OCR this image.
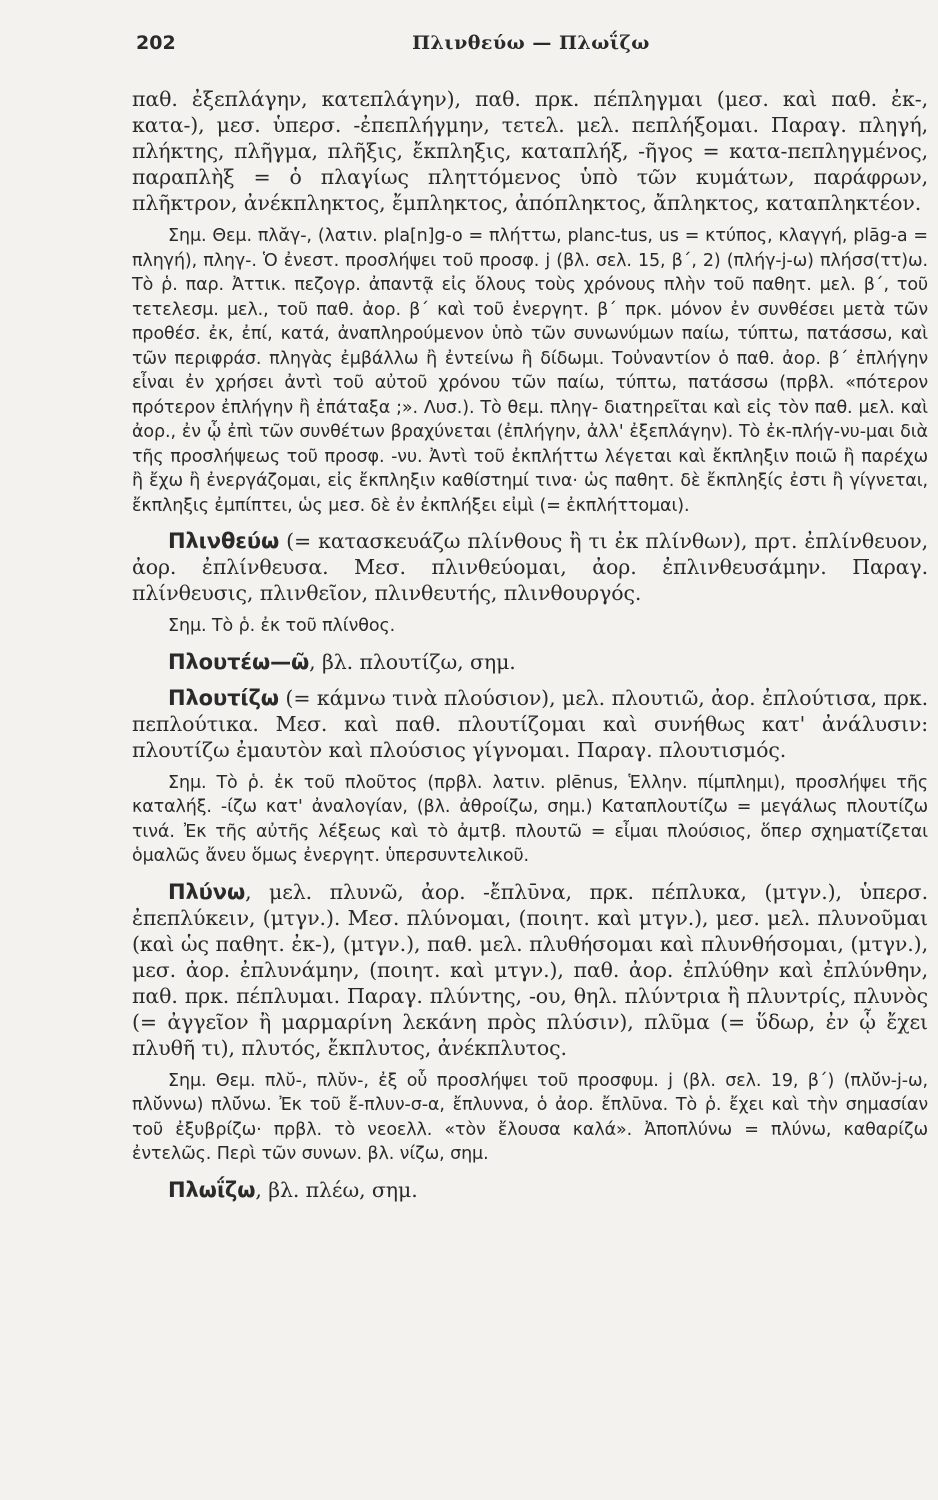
202	Πλινθεύω — Πλωΐζω

παθ. ἐξεπλάγην, κατεπλάγην), παθ. πρκ. πέπληγμαι (μεσ. καὶ παθ. ἐκ-, κατα-), μεσ. ὑπερσ. -ἐπεπλήγμην, τετελ. μελ. πεπλήξομαι. Παραγ. πληγή, πλήκτης, πλῆγμα, πλῆξις, ἔκπληξις, καταπλήξ, -ῆγος = κατα-πεπληγμένος, παραπλὴξ = ὁ πλαγίως πληττόμενος ὑπὸ τῶν κυμάτων, παράφρων, πλῆκτρον, ἀνέκπληκτος, ἔμπληκτος, ἀπόπληκτος, ἄπληκτος, καταπληκτέον.

Σημ. Θεμ. πλᾰγ-, (λατιν. pla[n]g-o = πλήττω, planc-tus, us = κτύπος, κλαγγή, plāg-a = πληγή), πληγ-. Ὁ ἐνεστ. προσλήψει τοῦ προσφ. j (βλ. σελ. 15, β΄, 2) (πλήγ-j-ω) πλήσσ(ττ)ω. Τὸ ῥ. παρ. Ἀττικ. πεζογρ. ἀπαντᾷ εἰς ὅλους τοὺς χρόνους πλὴν τοῦ παθητ. μελ. β΄, τοῦ τετελεσμ. μελ., τοῦ παθ. ἀορ. β΄ καὶ τοῦ ἐνεργητ. β΄ πρκ. μόνον ἐν συνθέσει μετὰ τῶν προθέσ. ἐκ, ἐπί, κατά, ἀναπληρούμενον ὑπὸ τῶν συνωνύμων παίω, τύπτω, πατάσσω, καὶ τῶν περιφράσ. πληγὰς ἐμβάλλω ἢ ἐντείνω ἢ δίδωμι. Τοὐναντίον ὁ παθ. ἀορ. β΄ ἐπλήγην εἶναι ἐν χρήσει ἀντὶ τοῦ αὐτοῦ χρόνου τῶν παίω, τύπτω, πατάσσω (πρβλ. «πότερον πρότερον ἐπλήγην ἢ ἐπάταξα ;». Λυσ.). Τὸ θεμ. πληγ- διατηρεῖται καὶ εἰς τὸν παθ. μελ. καὶ ἀορ., ἐν ᾧ ἐπὶ τῶν συνθέτων βραχύνεται (ἐπλήγην, ἀλλ' ἐξεπλάγην). Τὸ ἐκ-πλήγ-νυ-μαι διὰ τῆς προσλήψεως τοῦ προσφ. -νυ. Ἀντὶ τοῦ ἐκπλήττω λέγεται καὶ ἔκπληξιν ποιῶ ἢ παρέχω ἢ ἔχω ἢ ἐνεργάζομαι, εἰς ἔκπληξιν καθίστημί τινα· ὡς παθητ. δὲ ἔκπληξίς ἐστι ἢ γίγνεται, ἔκπληξις ἐμπίπτει, ὡς μεσ. δὲ ἐν ἐκπλήξει εἰμὶ (= ἐκπλήττομαι).

Πλινθεύω (= κατασκευάζω πλίνθους ἢ τι ἐκ πλίνθων), πρτ. ἐπλίνθευον, ἀορ. ἐπλίνθευσα. Μεσ. πλινθεύομαι, ἀορ. ἐπλινθευσάμην. Παραγ. πλίνθευσις, πλινθεῖον, πλινθευτής, πλινθουργός.

Σημ. Τὸ ῥ. ἐκ τοῦ πλίνθος.

Πλουτέω—ῶ, βλ. πλουτίζω, σημ.

Πλουτίζω (= κάμνω τινὰ πλούσιον), μελ. πλουτιῶ, ἀορ. ἐπλούτισα, πρκ. πεπλούτικα. Μεσ. καὶ παθ. πλουτίζομαι καὶ συνήθως κατ' ἀνάλυσιν: πλουτίζω ἐμαυτὸν καὶ πλούσιος γίγνομαι. Παραγ. πλουτισμός.

Σημ. Τὸ ῥ. ἐκ τοῦ πλοῦτος (πρβλ. λατιν. plēnus, Ἑλλην. πίμπλημι), προσλήψει τῆς καταλήξ. -ίζω κατ' ἀναλογίαν, (βλ. ἀθροίζω, σημ.) Καταπλουτίζω = μεγάλως πλουτίζω τινά. Ἐκ τῆς αὐτῆς λέξεως καὶ τὸ ἀμτβ. πλουτῶ = εἶμαι πλούσιος, ὅπερ σχηματίζεται ὁμαλῶς ἄνευ ὅμως ἐνεργητ. ὑπερσυντελικοῦ.

Πλύνω, μελ. πλυνῶ, ἀορ. -ἔπλῡνα, πρκ. πέπλυκα, (μτγν.), ὑπερσ. ἐπεπλύκειν, (μτγν.). Μεσ. πλύνομαι, (ποιητ. καὶ μτγν.), μεσ. μελ. πλυνοῦμαι (καὶ ὡς παθητ. ἐκ-), (μτγν.), παθ. μελ. πλυθήσομαι καὶ πλυνθήσομαι, (μτγν.), μεσ. ἀορ. ἐπλυνάμην, (ποιητ. καὶ μτγν.), παθ. ἀορ. ἐπλύθην καὶ ἐπλύνθην, παθ. πρκ. πέπλυμαι. Παραγ. πλύντης, -ου, θηλ. πλύντρια ἢ πλυντρίς, πλυνὸς (= ἀγγεῖον ἢ μαρμαρίνη λεκάνη πρὸς πλύσιν), πλῦμα (= ὕδωρ, ἐν ᾧ ἔχει πλυθῆ τι), πλυτός, ἔκπλυτος, ἀνέκπλυτος.

Σημ. Θεμ. πλῠ-, πλῠν-, ἐξ οὗ προσλήψει τοῦ προσφυμ. j (βλ. σελ. 19, β΄) (πλῠ́ν-j-ω, πλῠ́ννω) πλῡ́νω. Ἐκ τοῦ ἔ-πλυν-σ-α, ἔπλυννα, ὁ ἀορ. ἔπλῡνα. Τὸ ῥ. ἔχει καὶ τὴν σημασίαν τοῦ ἐξυβρίζω· πρβλ. τὸ νεοελλ. «τὸν ἔλουσα καλά». Ἀποπλύνω = πλύνω, καθαρίζω ἐντελῶς. Περὶ τῶν συνων. βλ. νίζω, σημ.

Πλωΐζω, βλ. πλέω, σημ.
